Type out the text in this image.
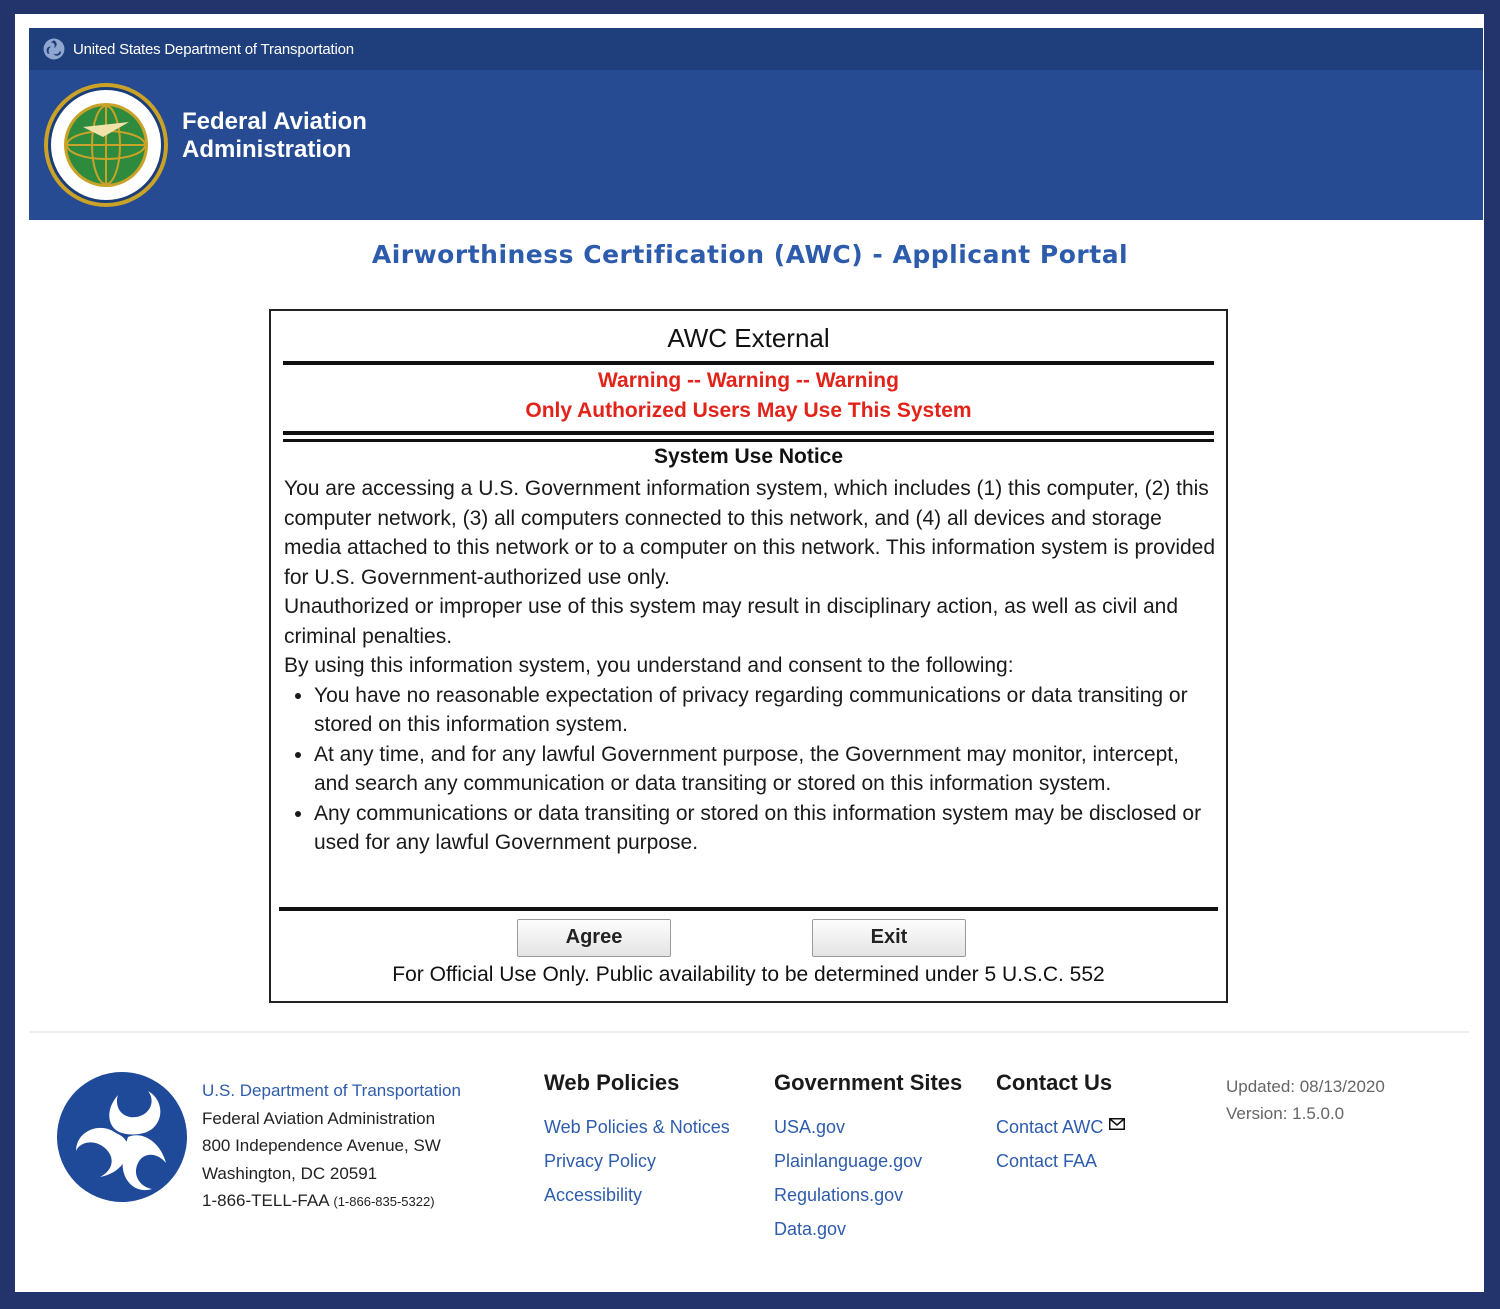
United States Department of Transportation
Federal Aviation
Administration
Airworthiness Certification (AWC) - Applicant Portal
AWC External
Warning -- Warning -- Warning
Only Authorized Users May Use This System
System Use Notice

You are accessing a U.S. Government information system, which includes (1) this computer, (2) this computer network, (3) all computers connected to this network, and (4) all devices and storage media attached to this network or to a computer on this network. This information system is provided for U.S. Government-authorized use only.

Unauthorized or improper use of this system may result in disciplinary action, as well as civil and criminal penalties.

By using this information system, you understand and consent to the following:

• You have no reasonable expectation of privacy regarding communications or data transiting or stored on this information system.
• At any time, and for any lawful Government purpose, the Government may monitor, intercept, and search any communication or data transiting or stored on this information system.
• Any communications or data transiting or stored on this information system may be disclosed or used for any lawful Government purpose.
Agree	Exit
For Official Use Only. Public availability to be determined under 5 U.S.C. 552
U.S. Department of Transportation
Federal Aviation Administration
800 Independence Avenue, SW
Washington, DC 20591
1-866-TELL-FAA (1-866-835-5322)
Web Policies
Web Policies & Notices
Privacy Policy
Accessibility
Government Sites
USA.gov
Plainlanguage.gov
Regulations.gov
Data.gov
Contact Us
Contact AWC
Contact FAA
Updated: 08/13/2020
Version: 1.5.0.0
